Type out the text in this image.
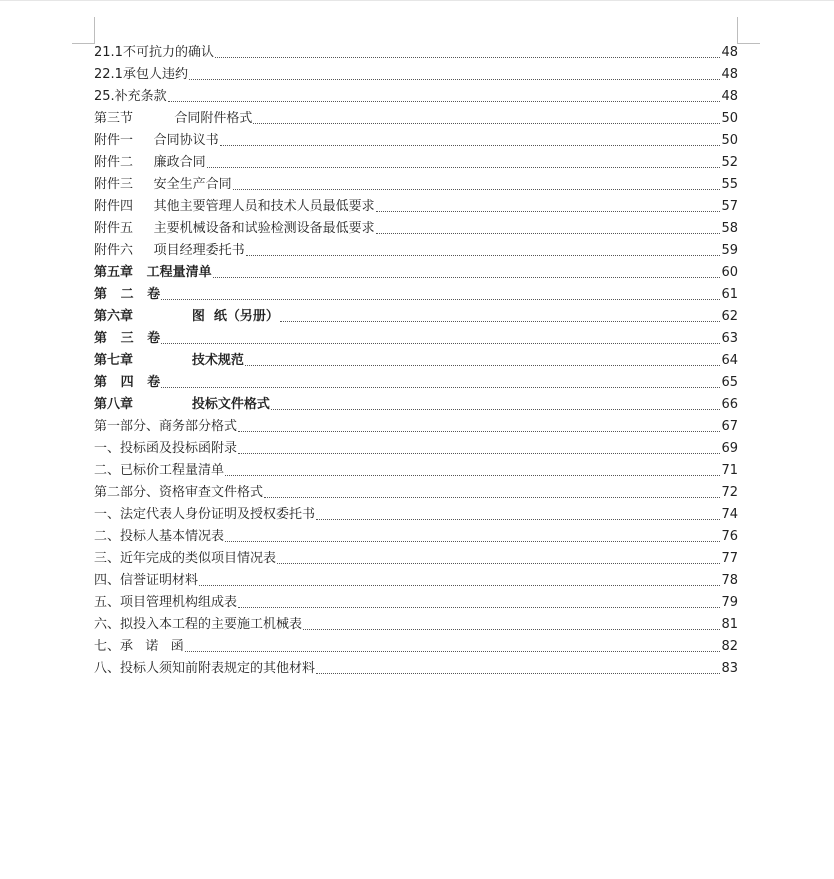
21.1不可抗力的确认	48
22.1承包人违约	48
25.补充条款	48
第三节          合同附件格式	50
附件一     合同协议书	50
附件二     廉政合同	52
附件三     安全生产合同	55
附件四     其他主要管理人员和技术人员最低要求	57
附件五     主要机械设备和试验检测设备最低要求	58
附件六     项目经理委托书	59
第五章   工程量清单	60
第   二   卷	61
第六章             图  纸（另册）	62
第   三   卷	63
第七章             技术规范	64
第   四   卷	65
第八章             投标文件格式	66
第一部分、商务部分格式	67
一、投标函及投标函附录	69
二、已标价工程量清单	71
第二部分、资格审查文件格式	72
一、法定代表人身份证明及授权委托书	74
二、投标人基本情况表	76
三、近年完成的类似项目情况表	77
四、信誉证明材料	78
五、项目管理机构组成表	79
六、拟投入本工程的主要施工机械表	81
七、承   诺   函	82
八、投标人须知前附表规定的其他材料	83
